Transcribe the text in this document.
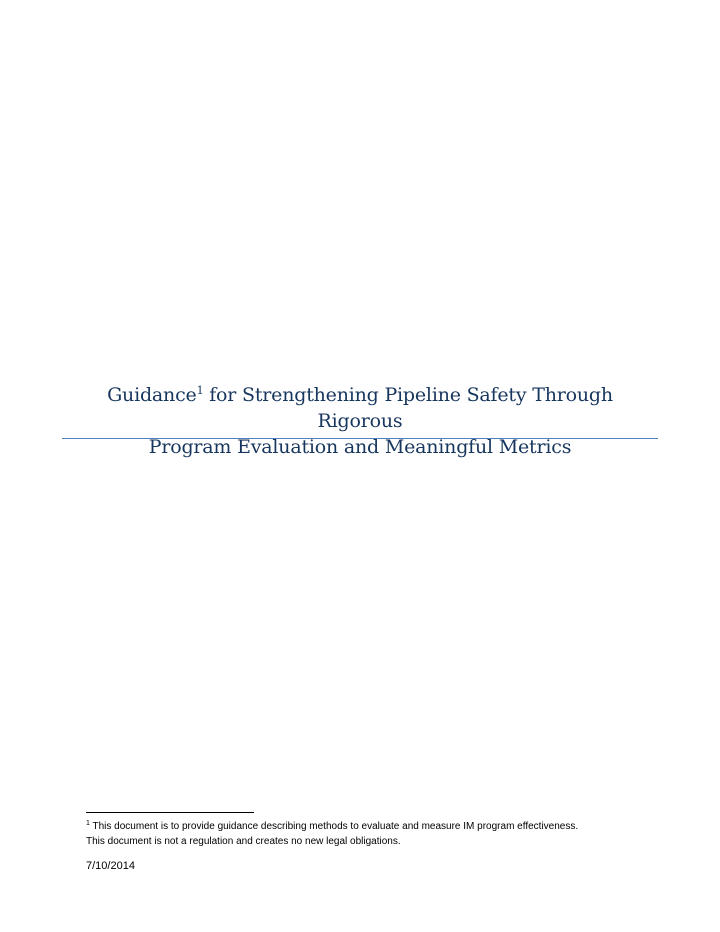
Guidance$^1$ for Strengthening Pipeline Safety Through Rigorous
Program Evaluation and Meaningful Metrics
$^1$ This document is to provide guidance describing methods to evaluate and measure IM program effectiveness.
This document is not a regulation and creates no new legal obligations.
7/10/2014
